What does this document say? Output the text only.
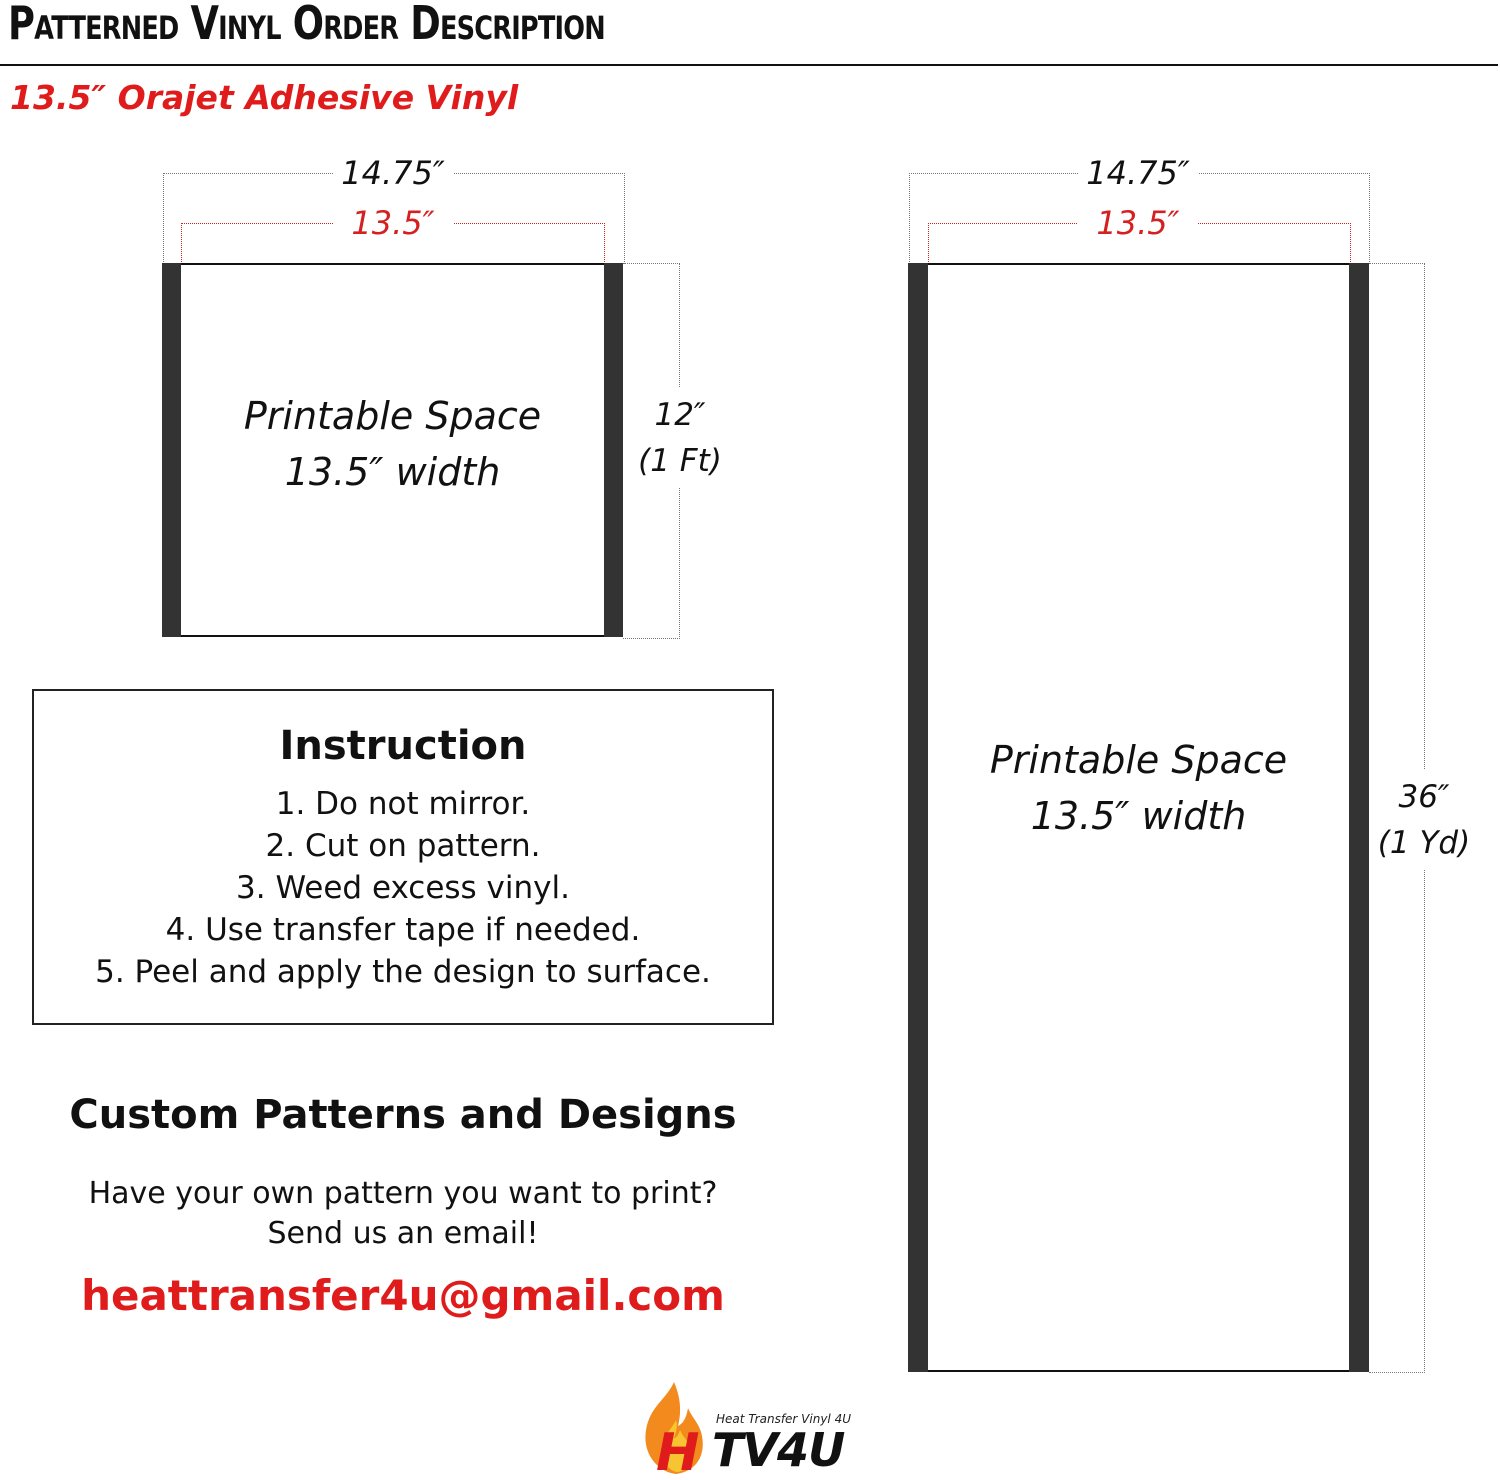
Patterned Vinyl Order Description
13.5″ Orajet Adhesive Vinyl
14.75″
13.5″
Printable Space
13.5″ width
12″
(1 Ft)
14.75″
13.5″
Printable Space
13.5″ width	36″
(1 Yd)
Instruction
1. Do not mirror.
2. Cut on pattern.
3. Weed excess vinyl.
4. Use transfer tape if needed.
5. Peel and apply the design to surface.
Custom Patterns and Designs
Have your own pattern you want to print?
Send us an email!
heattransfer4u@gmail.com
H
Heat Transfer Vinyl 4U
TV4U
